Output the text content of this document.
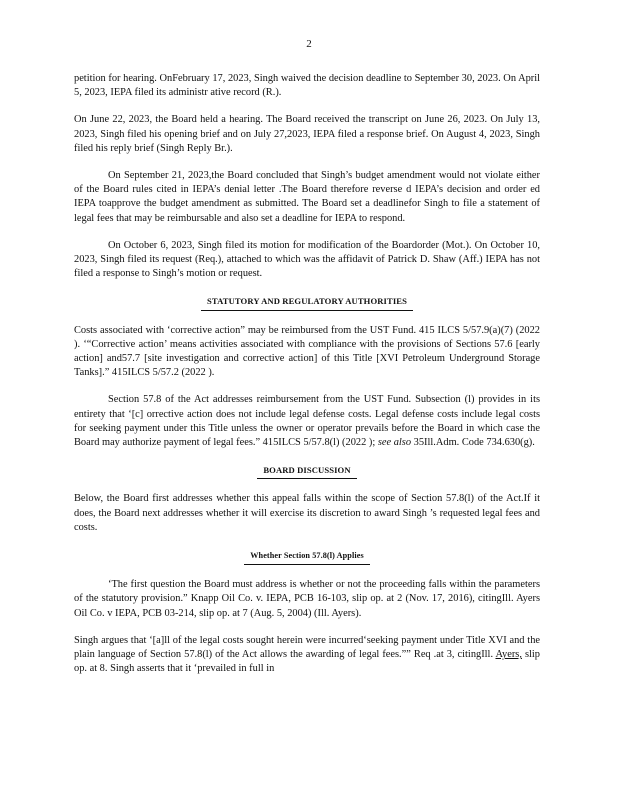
2

petition for hearing. OnFebruary 17, 2023, Singh waived the decision deadline to September 30, 2023. On April 5, 2023, IEPA filed its administr ative record (R.).

On June 22, 2023, the Board held a hearing. The Board received the transcript on June 26, 2023. On July 13, 2023, Singh filed his opening brief and on July 27,2023, IEPA filed a response brief. On August 4, 2023, Singh filed his reply brief (Singh Reply Br.).

On September 21, 2023,the Board concluded that Singh’s budget amendment would not violate either of the Board rules cited in IEPA’s denial letter .The Board therefore reverse d IEPA’s decision and order ed IEPA toapprove the budget amendment as submitted. The Board set a deadlinefor Singh to file a statement of legal fees that may be reimbursable and also set a deadline for IEPA to respond.

On October 6, 2023, Singh filed its motion for modification of the Boardorder (Mot.). On October 10, 2023, Singh filed its request (Req.), attached to which was the affidavit of Patrick D. Shaw (Aff.) IEPA has not filed a response to Singh’s motion or request.

STATUTORY AND REGULATORY AUTHORITIES

Costs associated with ‘corrective action” may be reimbursed from the UST Fund. 415 ILCS 5/57.9(a)(7) (2022 ). ‘“Corrective action’ means activities associated with compliance with the provisions of Sections 57.6 [early action] and57.7 [site investigation and corrective action] of this Title [XVI Petroleum Underground Storage Tanks].” 415ILCS 5/57.2 (2022 ).

Section 57.8 of the Act addresses reimbursement from the UST Fund. Subsection (l) provides in its entirety that ‘[c] orrective action does not include legal defense costs. Legal defense costs include legal costs for seeking payment under this Title unless the owner or operator prevails before the Board in which case the Board may authorize payment of legal fees.” 415ILCS 5/57.8(l) (2022 ); see also 35Ill.Adm. Code 734.630(g).

BOARD DISCUSSION

Below, the Board first addresses whether this appeal falls within the scope of Section 57.8(l) of the Act.If it does, the Board next addresses whether it will exercise its discretion to award Singh ’s requested legal fees and costs.

Whether Section 57.8(l) Applies

‘The first question the Board must address is whether or not the proceeding falls within the parameters of the statutory provision.” Knapp Oil Co. v. IEPA, PCB 16-103, slip op. at 2 (Nov. 17, 2016), citingIll. Ayers Oil Co. v IEPA, PCB 03-214, slip op. at 7 (Aug. 5, 2004) (Ill. Ayers).

Singh argues that ‘[a]ll of the legal costs sought herein were incurred‘seeking payment under Title XVI and the plain language of Section 57.8(l) of the Act allows the awarding of legal fees.”” Req .at 3, citingIll. Ayers, slip op. at 8. Singh asserts that it ‘prevailed in full in
